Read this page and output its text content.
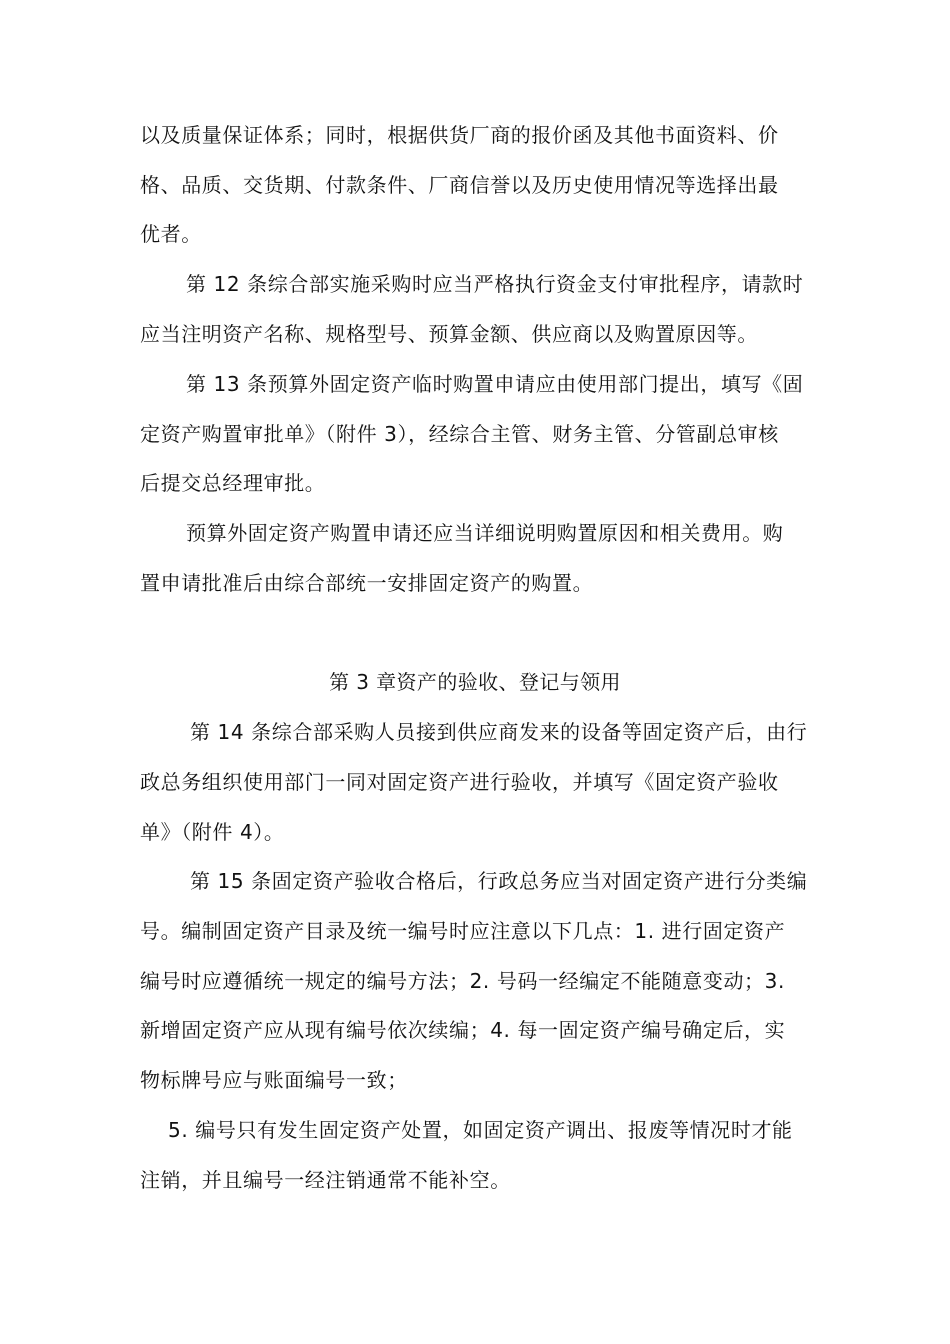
以及质量保证体系；同时，根据供货厂商的报价函及其他书面资料、价
格、品质、交货期、付款条件、厂商信誉以及历史使用情况等选择出最
优者。
第 12 条综合部实施采购时应当严格执行资金支付审批程序，请款时
应当注明资产名称、规格型号、预算金额、供应商以及购置原因等。
第 13 条预算外固定资产临时购置申请应由使用部门提出，填写《固
定资产购置审批单》（附件 3），经综合主管、财务主管、分管副总审核
后提交总经理审批。
预算外固定资产购置申请还应当详细说明购置原因和相关费用。购
置申请批准后由综合部统一安排固定资产的购置。
第 3 章资产的验收、登记与领用
第 14 条综合部采购人员接到供应商发来的设备等固定资产后，由行
政总务组织使用部门一同对固定资产进行验收，并填写《固定资产验收
单》（附件 4）。
第 15 条固定资产验收合格后，行政总务应当对固定资产进行分类编
号。编制固定资产目录及统一编号时应注意以下几点：1. 进行固定资产
编号时应遵循统一规定的编号方法；2. 号码一经编定不能随意变动；3.
新增固定资产应从现有编号依次续编；4. 每一固定资产编号确定后，实
物标牌号应与账面编号一致；
5. 编号只有发生固定资产处置，如固定资产调出、报废等情况时才能
注销，并且编号一经注销通常不能补空。
